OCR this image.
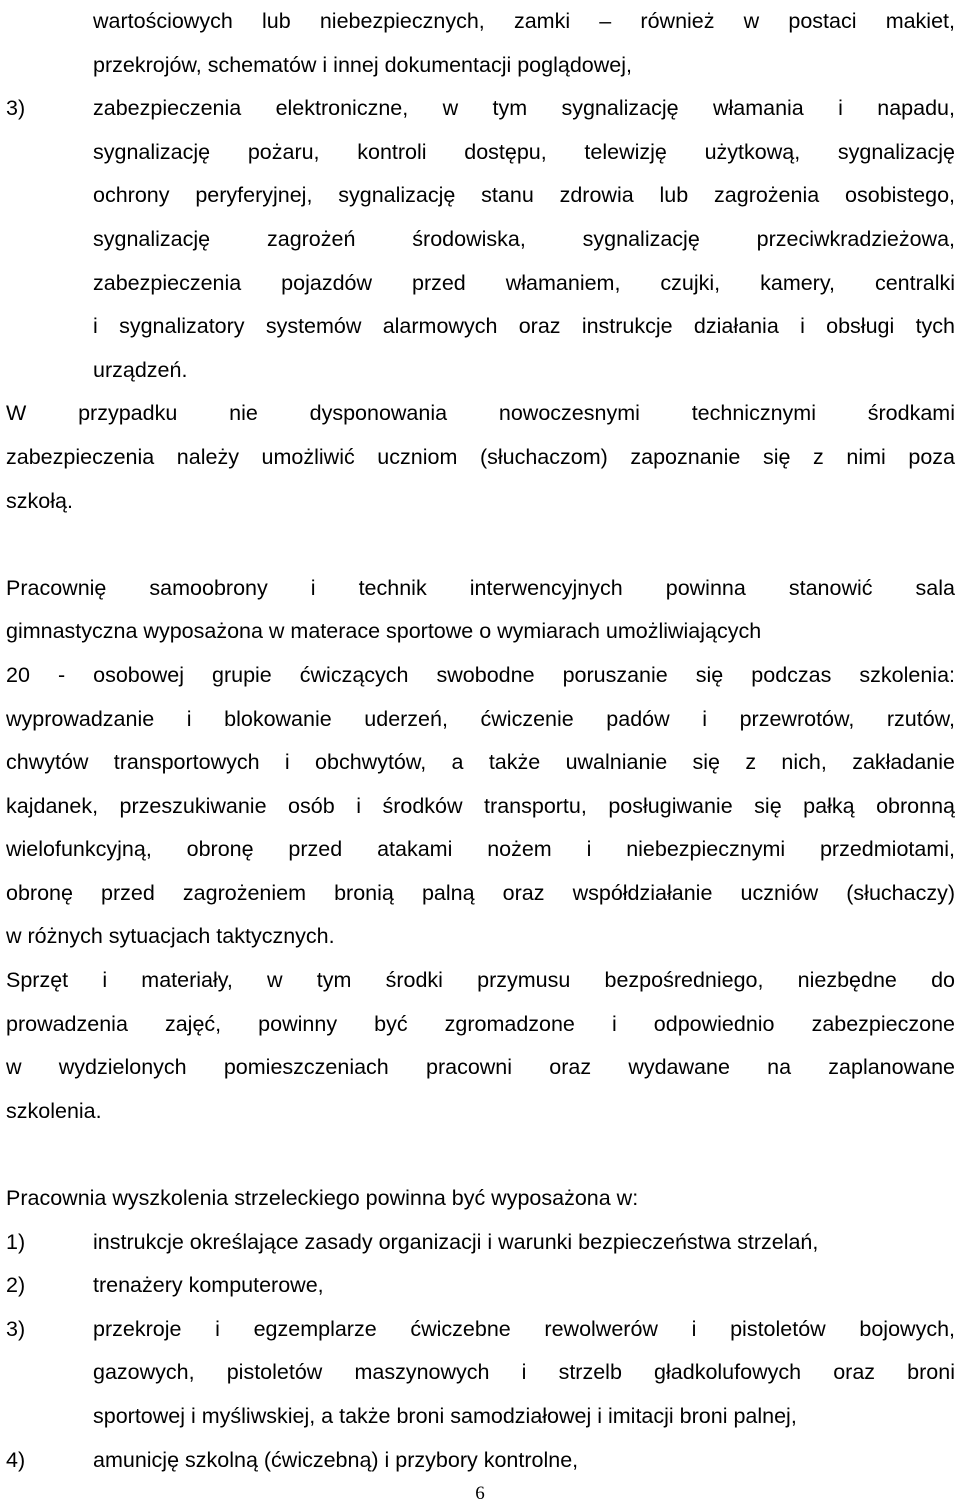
wartościowych lub niebezpiecznych, zamki – również w postaci makiet,
przekrojów, schematów i innej dokumentacji poglądowej,
3)	zabezpieczenia elektroniczne, w tym sygnalizację włamania i napadu,
sygnalizację pożaru, kontroli dostępu, telewizję użytkową, sygnalizację
ochrony peryferyjnej, sygnalizację stanu zdrowia lub zagrożenia osobistego,
sygnalizację zagrożeń środowiska, sygnalizację przeciwkradzieżowa,
zabezpieczenia pojazdów przed włamaniem, czujki, kamery, centralki
i sygnalizatory systemów alarmowych oraz instrukcje działania i obsługi tych
urządzeń.
W przypadku nie dysponowania nowoczesnymi technicznymi środkami
zabezpieczenia należy umożliwić uczniom (słuchaczom) zapoznanie się z nimi poza
szkołą.
Pracownię samoobrony i technik interwencyjnych powinna stanowić sala
gimnastyczna wyposażona w materace sportowe o wymiarach umożliwiających
20 - osobowej grupie ćwiczących swobodne poruszanie się podczas szkolenia:
wyprowadzanie i blokowanie uderzeń, ćwiczenie padów i przewrotów, rzutów,
chwytów transportowych i obchwytów, a także uwalnianie się z nich, zakładanie
kajdanek, przeszukiwanie osób i środków transportu, posługiwanie się pałką obronną
wielofunkcyjną, obronę przed atakami nożem i niebezpiecznymi przedmiotami,
obronę przed zagrożeniem bronią palną oraz współdziałanie uczniów (słuchaczy)
w różnych sytuacjach taktycznych.
Sprzęt i materiały, w tym środki przymusu bezpośredniego, niezbędne do
prowadzenia zajęć, powinny być zgromadzone i odpowiednio zabezpieczone
w wydzielonych pomieszczeniach pracowni oraz wydawane na zaplanowane
szkolenia.
Pracownia wyszkolenia strzeleckiego powinna być wyposażona w:
1)	instrukcje określające zasady organizacji i warunki bezpieczeństwa strzelań,
2)	trenażery komputerowe,
3)	przekroje i egzemplarze ćwiczebne rewolwerów i pistoletów bojowych,
gazowych, pistoletów maszynowych i strzelb gładkolufowych oraz broni
sportowej i myśliwskiej, a także broni samodziałowej i imitacji broni palnej,
4)	amunicję szkolną (ćwiczebną) i przybory kontrolne,
6
